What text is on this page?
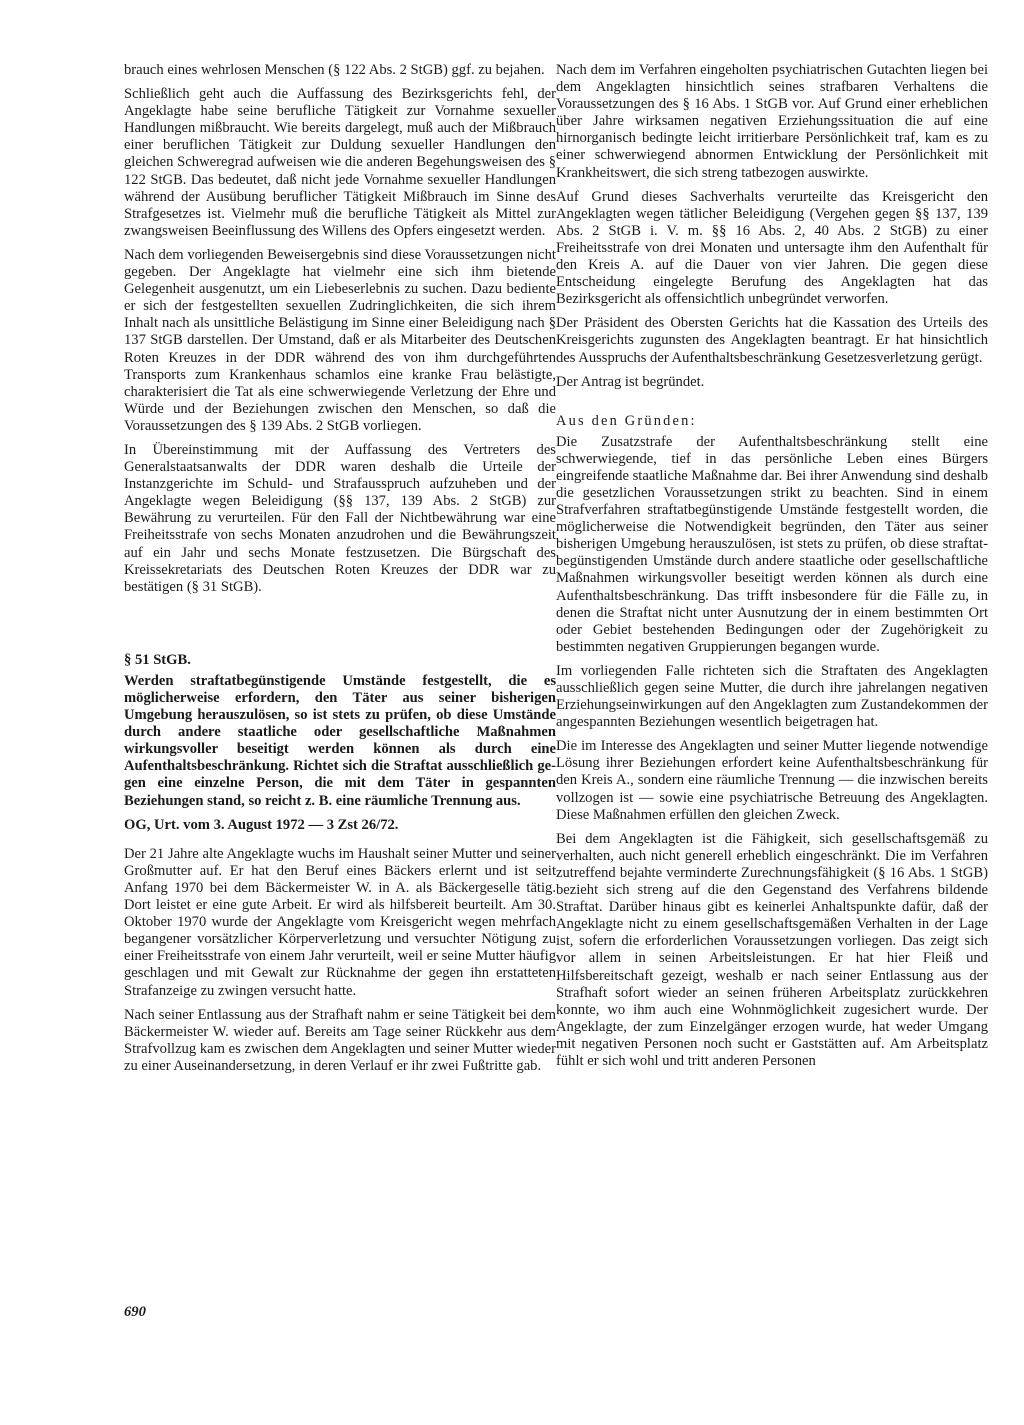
brauch eines wehrlosen Menschen (§ 122 Abs. 2 StGB) ggf. zu bejahen.

Schließlich geht auch die Auffassung des Bezirksgerichts fehl, der Angeklagte habe seine berufliche Tätigkeit zur Vornahme sexueller Handlungen mißbraucht. Wie bereits dargelegt, muß auch der Mißbrauch einer beruflichen Tätigkeit zur Duldung sexueller Handlungen den gleichen Schweregrad aufweisen wie die anderen Begehungsweisen des § 122 StGB. Das bedeutet, daß nicht jede Vornahme sexueller Handlungen während der Ausübung beruflicher Tätigkeit Mißbrauch im Sinne des Strafgesetzes ist. Vielmehr muß die berufliche Tätigkeit als Mittel zur zwangsweisen Beeinflussung des Willens des Opfers eingesetzt werden.

Nach dem vorliegenden Beweisergebnis sind diese Voraussetzungen nicht gegeben. Der Angeklagte hat vielmehr eine sich ihm bietende Gelegenheit ausgenutzt, um ein Liebeserlebnis zu suchen. Dazu bediente er sich der festgestellten sexuellen Zudringlichkeiten, die sich ihrem Inhalt nach als unsittliche Belästigung im Sinne einer Beleidigung nach § 137 StGB darstellen. Der Umstand, daß er als Mitarbeiter des Deutschen Roten Kreuzes in der DDR während des von ihm durchgeführten Transports zum Krankenhaus schamlos eine kranke Frau belästigte, charakterisiert die Tat als eine schwerwiegende Verletzung der Ehre und Würde und der Beziehungen zwischen den Menschen, so daß die Voraussetzungen des § 139 Abs. 2 StGB vorliegen.

In Übereinstimmung mit der Auffassung des Vertreters des Generalstaatsanwalts der DDR waren deshalb die Urteile der Instanzgerichte im Schuld- und Strafausspruch aufzuheben und der Angeklagte wegen Beleidigung (§§ 137, 139 Abs. 2 StGB) zur Bewährung zu verurteilen. Für den Fall der Nichtbewährung war eine Freiheitsstrafe von sechs Monaten anzudrohen und die Bewährungszeit auf ein Jahr und sechs Monate festzusetzen. Die Bürgschaft des Kreissekretariats des Deutschen Roten Kreuzes der DDR war zu bestätigen (§ 31 StGB).

§ 51 StGB.

Werden straftatbegünstigende Umstände festgestellt, die es möglicherweise erfordern, den Täter aus seiner bisherigen Umgebung herauszulösen, so ist stets zu prüfen, ob diese Umstände durch andere staatliche oder gesellschaftliche Maßnahmen wirkungsvoller beseitigt werden können als durch eine Aufenthaltsbeschränkung. Richtet sich die Straftat ausschließlich gegen eine einzelne Person, die mit dem Täter in gespannten Beziehungen stand, so reicht z. B. eine räumliche Trennung aus.

OG, Urt. vom 3. August 1972 — 3 Zst 26/72.

Der 21 Jahre alte Angeklagte wuchs im Haushalt seiner Mutter und seiner Großmutter auf. Er hat den Beruf eines Bäckers erlernt und ist seit Anfang 1970 bei dem Bäckermeister W. in A. als Bäckergeselle tätig. Dort leistet er eine gute Arbeit. Er wird als hilfsbereit beurteilt. Am 30. Oktober 1970 wurde der Angeklagte vom Kreisgericht wegen mehrfach begangener vorsätzlicher Körperverletzung und versuchter Nötigung zu einer Freiheitsstrafe von einem Jahr verurteilt, weil er seine Mutter häufig geschlagen und mit Gewalt zur Rücknahme der gegen ihn erstatteten Strafanzeige zu zwingen versucht hatte.

Nach seiner Entlassung aus der Strafhaft nahm er seine Tätigkeit bei dem Bäckermeister W. wieder auf. Bereits am Tage seiner Rückkehr aus dem Strafvollzug kam es zwischen dem Angeklagten und seiner Mutter wieder zu einer Auseinandersetzung, in deren Verlauf er ihr zwei Fußtritte gab.

Nach dem im Verfahren eingeholten psychiatrischen Gutachten liegen bei dem Angeklagten hinsichtlich seines strafbaren Verhaltens die Voraussetzungen des § 16 Abs. 1 StGB vor. Auf Grund einer erheblichen über Jahre wirksamen negativen Erziehungssituation die auf eine hirnorganisch bedingte leicht irritierbare Persönlichkeit traf, kam es zu einer schwerwiegend abnormen Entwicklung der Persönlichkeit mit Krankheitswert, die sich streng tatbezogen auswirkte.

Auf Grund dieses Sachverhalts verurteilte das Kreisgericht den Angeklagten wegen tätlicher Beleidigung (Vergehen gegen §§ 137, 139 Abs. 2 StGB i. V. m. §§ 16 Abs. 2, 40 Abs. 2 StGB) zu einer Freiheitsstrafe von drei Monaten und untersagte ihm den Aufenthalt für den Kreis A. auf die Dauer von vier Jahren. Die gegen diese Entscheidung eingelegte Berufung des Angeklagten hat das Bezirksgericht als offensichtlich unbegründet verworfen.

Der Präsident des Obersten Gerichts hat die Kassation des Urteils des Kreisgerichts zugunsten des Angeklagten beantragt. Er hat hinsichtlich des Ausspruchs der Aufenthaltsbeschränkung Gesetzesverletzung gerügt.

Der Antrag ist begründet.

Aus den Gründen:

Die Zusatzstrafe der Aufenthaltsbeschränkung stellt eine schwerwiegende, tief in das persönliche Leben eines Bürgers eingreifende staatliche Maßnahme dar. Bei ihrer Anwendung sind deshalb die gesetzlichen Voraussetzungen strikt zu beachten. Sind in einem Strafverfahren straftatbegünstigende Umstände festgestellt worden, die möglicherweise die Notwendigkeit begründen, den Täter aus seiner bisherigen Umgebung herauszulösen, ist stets zu prüfen, ob diese straftatbegünstigenden Umstände durch andere staatliche oder gesellschaftliche Maßnahmen wirkungsvoller beseitigt werden können als durch eine Aufenthaltsbeschränkung. Das trifft insbesondere für die Fälle zu, in denen die Straftat nicht unter Ausnutzung der in einem bestimmten Ort oder Gebiet bestehenden Bedingungen oder der Zugehörigkeit zu bestimmten negativen Gruppierungen begangen wurde.

Im vorliegenden Falle richteten sich die Straftaten des Angeklagten ausschließlich gegen seine Mutter, die durch ihre jahrelangen negativen Erziehungseinwirkungen auf den Angeklagten zum Zustandekommen der angespannten Beziehungen wesentlich beigetragen hat.

Die im Interesse des Angeklagten und seiner Mutter liegende notwendige Lösung ihrer Beziehungen erfordert keine Aufenthaltsbeschränkung für den Kreis A., sondern eine räumliche Trennung — die inzwischen bereits vollzogen ist — sowie eine psychiatrische Betreuung des Angeklagten. Diese Maßnahmen erfüllen den gleichen Zweck.

Bei dem Angeklagten ist die Fähigkeit, sich gesellschaftsgemäß zu verhalten, auch nicht generell erheblich eingeschränkt. Die im Verfahren zutreffend bejahte verminderte Zurechnungsfähigkeit (§ 16 Abs. 1 StGB) bezieht sich streng auf die den Gegenstand des Verfahrens bildende Straftat. Darüber hinaus gibt es keinerlei Anhaltspunkte dafür, daß der Angeklagte nicht zu einem gesellschaftsgemäßen Verhalten in der Lage ist, sofern die erforderlichen Voraussetzungen vorliegen. Das zeigt sich vor allem in seinen Arbeitsleistungen. Er hat hier Fleiß und Hilfsbereitschaft gezeigt, weshalb er nach seiner Entlassung aus der Strafhaft sofort wieder an seinen früheren Arbeitsplatz zurückkehren konnte, wo ihm auch eine Wohnmöglichkeit zugesichert wurde. Der Angeklagte, der zum Einzelgänger erzogen wurde, hat weder Umgang mit negativen Personen noch sucht er Gaststätten auf. Am Arbeitsplatz fühlt er sich wohl und tritt anderen Personen

690
